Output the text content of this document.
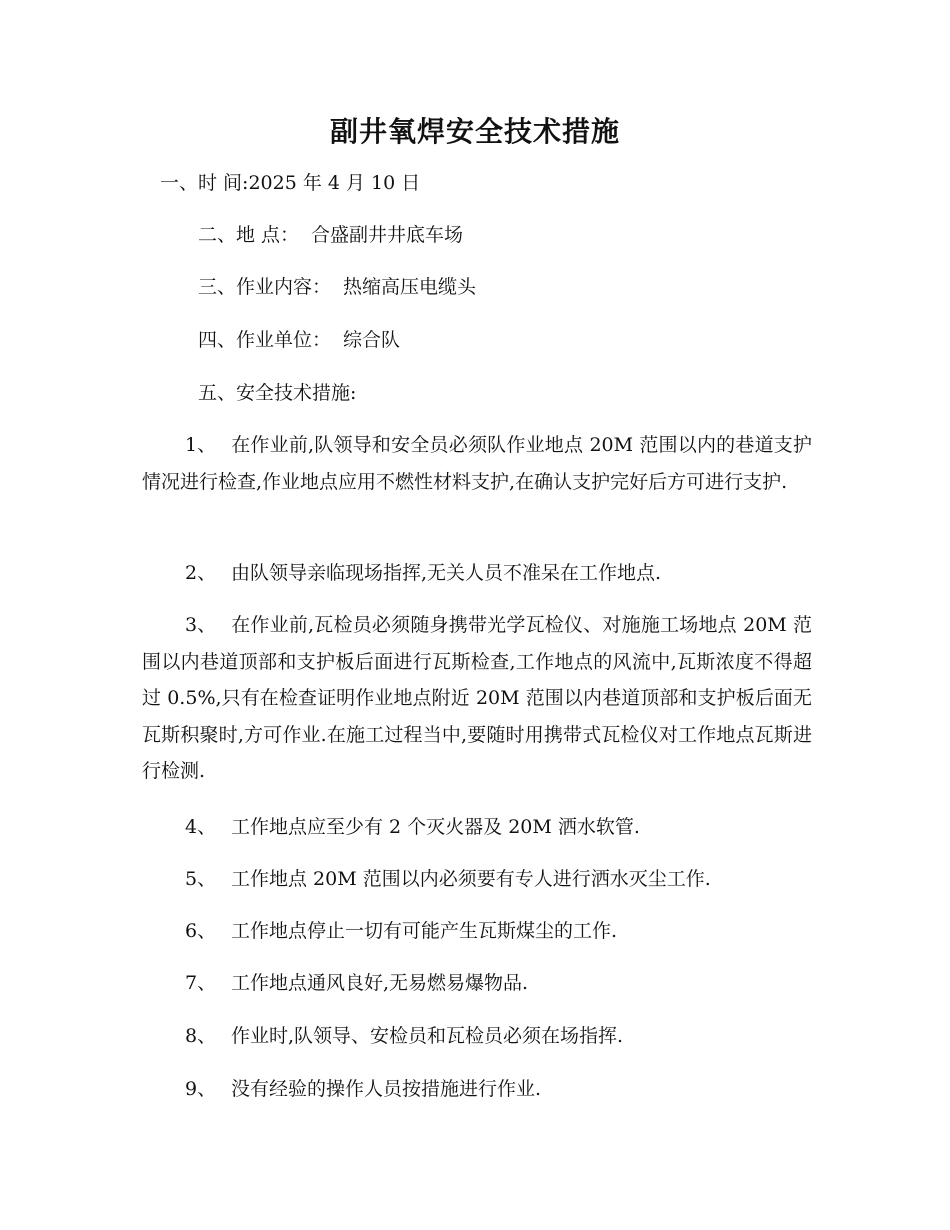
副井氧焊安全技术措施
一、时 间:2025 年 4 月 10 日
二、地 点： 合盛副井井底车场
三、作业内容： 热缩高压电缆头
四、作业单位： 综合队
五、安全技术措施:

1、 在作业前,队领导和安全员必须队作业地点 20M 范围以内的巷道支护情况进行检查,作业地点应用不燃性材料支护,在确认支护完好后方可进行支护.

2、 由队领导亲临现场指挥,无关人员不准呆在工作地点.

3、 在作业前,瓦检员必须随身携带光学瓦检仪、对施施工场地点 20M 范围以内巷道顶部和支护板后面进行瓦斯检查,工作地点的风流中,瓦斯浓度不得超过 0.5%,只有在检查证明作业地点附近 20M 范围以内巷道顶部和支护板后面无瓦斯积聚时,方可作业.在施工过程当中,要随时用携带式瓦检仪对工作地点瓦斯进行检测.

4、 工作地点应至少有 2 个灭火器及 20M 洒水软管.

5、 工作地点 20M 范围以内必须要有专人进行洒水灭尘工作.

6、 工作地点停止一切有可能产生瓦斯煤尘的工作.

7、 工作地点通风良好,无易燃易爆物品.

8、 作业时,队领导、安检员和瓦检员必须在场指挥.

9、 没有经验的操作人员按措施进行作业.
